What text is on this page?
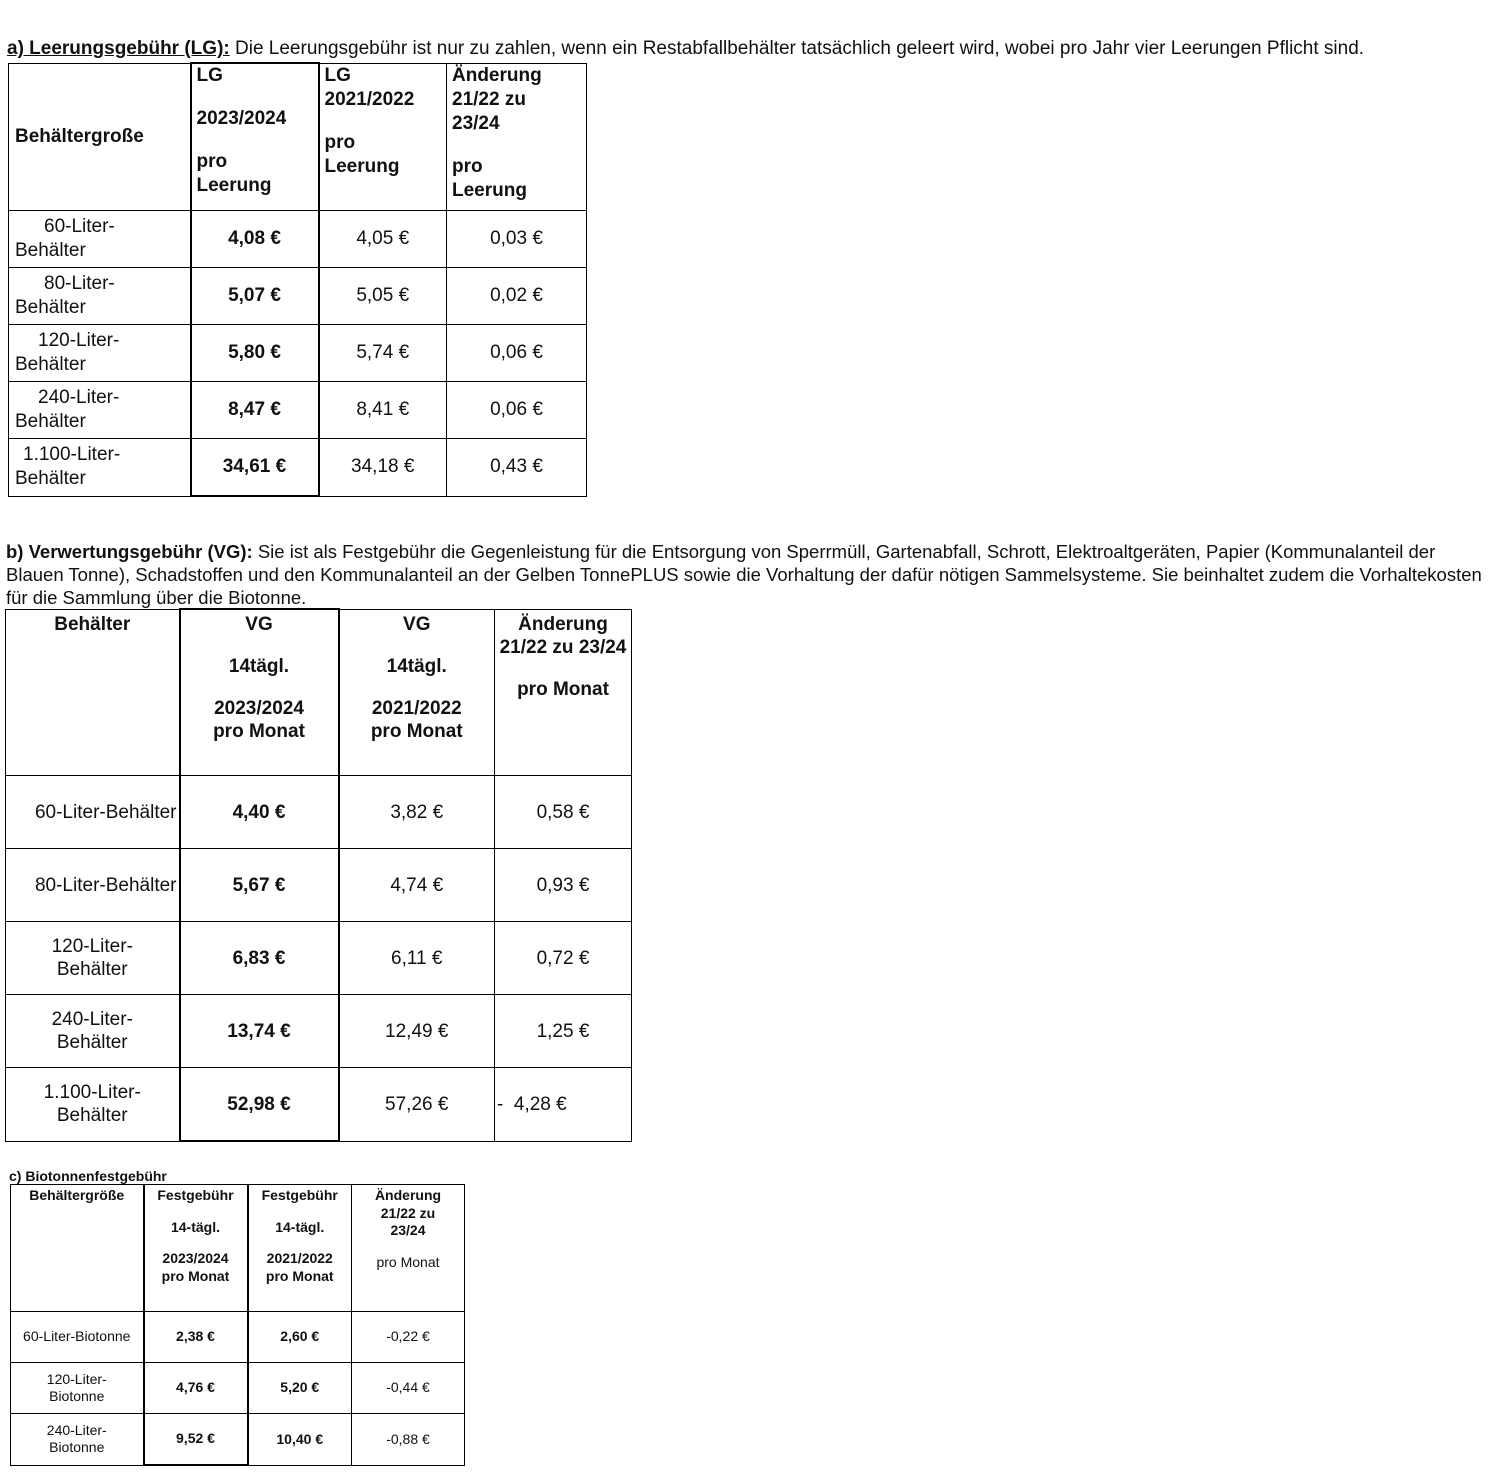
a) Leerungsgebühr (LG): Die Leerungsgebühr ist nur zu zahlen, wenn ein Restabfallbehälter tatsächlich geleert wird, wobei pro Jahr vier Leerungen Pflicht sind.
Behältergroße	LG
2023/2024
pro
Leerung	LG
2021/2022
pro
Leerung	Änderung
21/22 zu
23/24
pro
Leerung

60-Liter-
Behälter	4,08 €	4,05 €	0,03 €

80-Liter-
Behälter	5,07 €	5,05 €	0,02 €

120-Liter-
Behälter	5,80 €	5,74 €	0,06 €

240-Liter-
Behälter	8,47 €	8,41 €	0,06 €

1.100-Liter-
Behälter	34,61 €	34,18 €	0,43 €
b) Verwertungsgebühr (VG): Sie ist als Festgebühr die Gegenleistung für die Entsorgung von Sperrmüll, Gartenabfall, Schrott, Elektroaltgeräten, Papier (Kommunalanteil der Blauen Tonne), Schadstoffen und den Kommunalanteil an der Gelben TonnePLUS sowie die Vorhaltung der dafür nötigen Sammelsysteme. Sie beinhaltet zudem die Vorhaltekosten für die Sammlung über die Biotonne.
Behälter	VG
14tägl.
2023/2024
pro Monat	VG
14tägl.
2021/2022
pro Monat	Änderung
21/22 zu 23/24
pro Monat

60-Liter-Behälter	4,40 €	3,82 €	0,58 €
80-Liter-Behälter	5,67 €	4,74 €	0,93 €

120-Liter-
Behälter	6,83 €	6,11 €	0,72 €

240-Liter-
Behälter	13,74 €	12,49 €	1,25 €

1.100-Liter-
Behälter	52,98 €	57,26 €	-  4,28 €
c) Biotonnenfestgebühr
Behältergröße	Festgebühr
14-tägl.
2023/2024
pro Monat	Festgebühr
14-tägl.
2021/2022
pro Monat	Änderung
21/22 zu
23/24
pro Monat

60-Liter-Biotonne	2,38 €	2,60 €	-0,22 €

120-Liter-
Biotonne	4,76 €	5,20 €	-0,44 €

240-Liter-
Biotonne	9,52 €	10,40 €	-0,88 €
